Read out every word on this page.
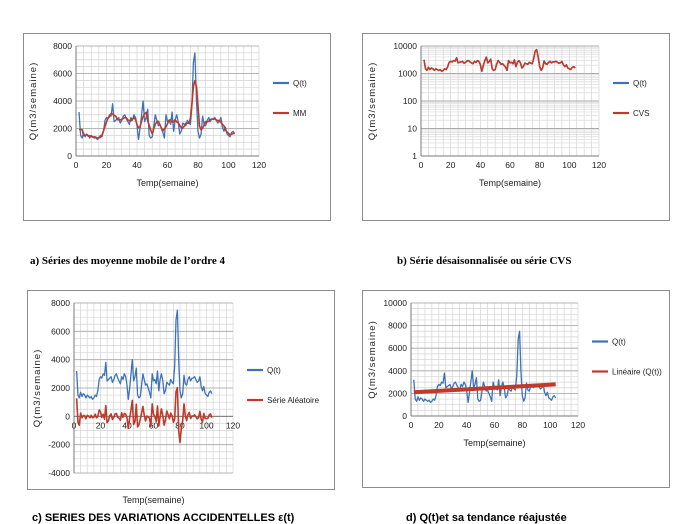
0
2000
4000
6000
8000
0	20 40 60 80 100 120
Temp(semaine)
Q(m3/semaine)	Q(t)
MM
a) Séries des moyenne mobile de l’ordre 4
1
10
100
1000
10000
0	20 40 60 80 100 120
Temp(semaine)
Q(m3/semaine)	Q(t)
CVS
b) Série désaisonnalisée ou série CVS
-4000
-2000
0
2000
4000
6000
8000
0 20 40 60 80 100 120
Temp(semaine)
Q(m3/semaine)	Q(t)
Série Aléatoire
c) SERIES DES VARIATIONS ACCIDENTELLES ε(t)
0
2000
4000
6000
8000
10000
0 20 40 60 80 100 120
Temp(semaine)
Q(m3/semaine)	Q(t)
Linéaire (Q(t))
d) Q(t)et sa tendance réajustée
